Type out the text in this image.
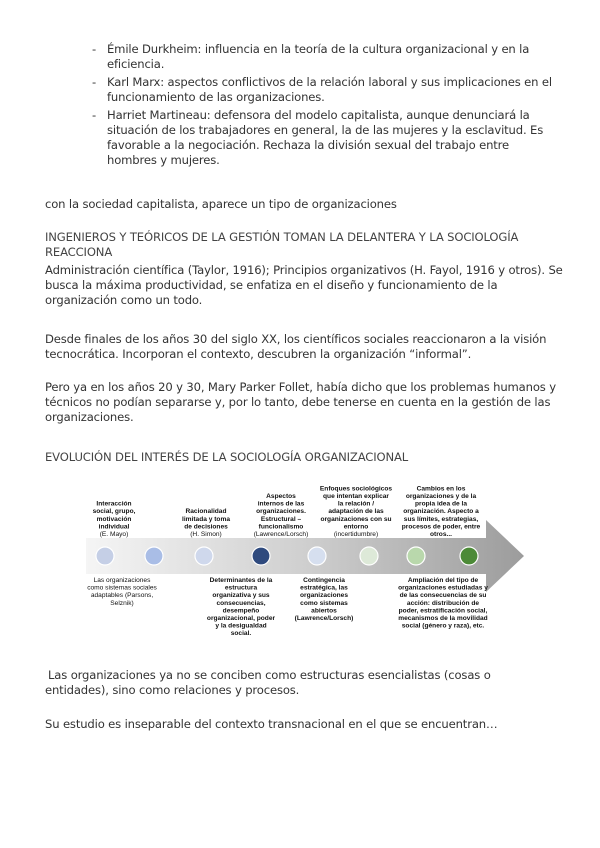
- Émile Durkheim: influencia en la teoría de la cultura organizacional y en la eficiencia.
- Karl Marx: aspectos conflictivos de la relación laboral y sus implicaciones en el funcionamiento de las organizaciones.
- Harriet Martineau: defensora del modelo capitalista, aunque denunciará la situación de los trabajadores en general, la de las mujeres y la esclavitud. Es favorable a la negociación. Rechaza la división sexual del trabajo entre hombres y mujeres.

con la sociedad capitalista, aparece un tipo de organizaciones

INGENIEROS Y TEÓRICOS DE LA GESTIÓN TOMAN LA DELANTERA Y LA SOCIOLOGÍA REACCIONA

Administración científica (Taylor, 1916); Principios organizativos (H. Fayol, 1916 y otros). Se busca la máxima productividad, se enfatiza en el diseño y funcionamiento de la organización como un todo.

Desde finales de los años 30 del siglo XX, los científicos sociales reaccionaron a la visión tecnocrática. Incorporan el contexto, descubren la organización “informal”.

Pero ya en los años 20 y 30, Mary Parker Follet, había dicho que los problemas humanos y técnicos no podían separarse y, por lo tanto, debe tenerse en cuenta en la gestión de las organizaciones.

EVOLUCIÓN DEL INTERÉS DE LA SOCIOLOGÍA ORGANIZACIONAL

Interacción
social, grupo,
motivación
individual
(E. Mayo)
Racionalidad
limitada y toma
de decisiones
(H. Simon)
Aspectos
internos de las
organizaciones.
Estructural –
funcionalismo
(Lawrence/Lorsch)
Enfoques sociológicos
que intentan explicar
la relación /
adaptación de las
organizaciones con su
entorno
(incertidumbre)
Cambios en los
organizaciones y de la
propia idea de la
organización. Aspecto a
sus límites, estrategias,
procesos de poder, entre
otros...
Las organizaciones
como sistemas sociales
adaptables (Parsons,
Selznik)
Determinantes de la
estructura
organizativa y sus
consecuencias,
desempeño
organizacional, poder
y la desigualdad
social.
Contingencia
estratégica, las
organizaciones
como sistemas
abiertos
(Lawrence/Lorsch)
Ampliación del tipo de
organizaciones estudiadas y
de las consecuencias de su
acción: distribución de
poder, estratificación social,
mecanismos de la movilidad
social (género y raza), etc.

Las organizaciones ya no se conciben como estructuras esencialistas (cosas o entidades), sino como relaciones y procesos.

Su estudio es inseparable del contexto transnacional en el que se encuentran…
